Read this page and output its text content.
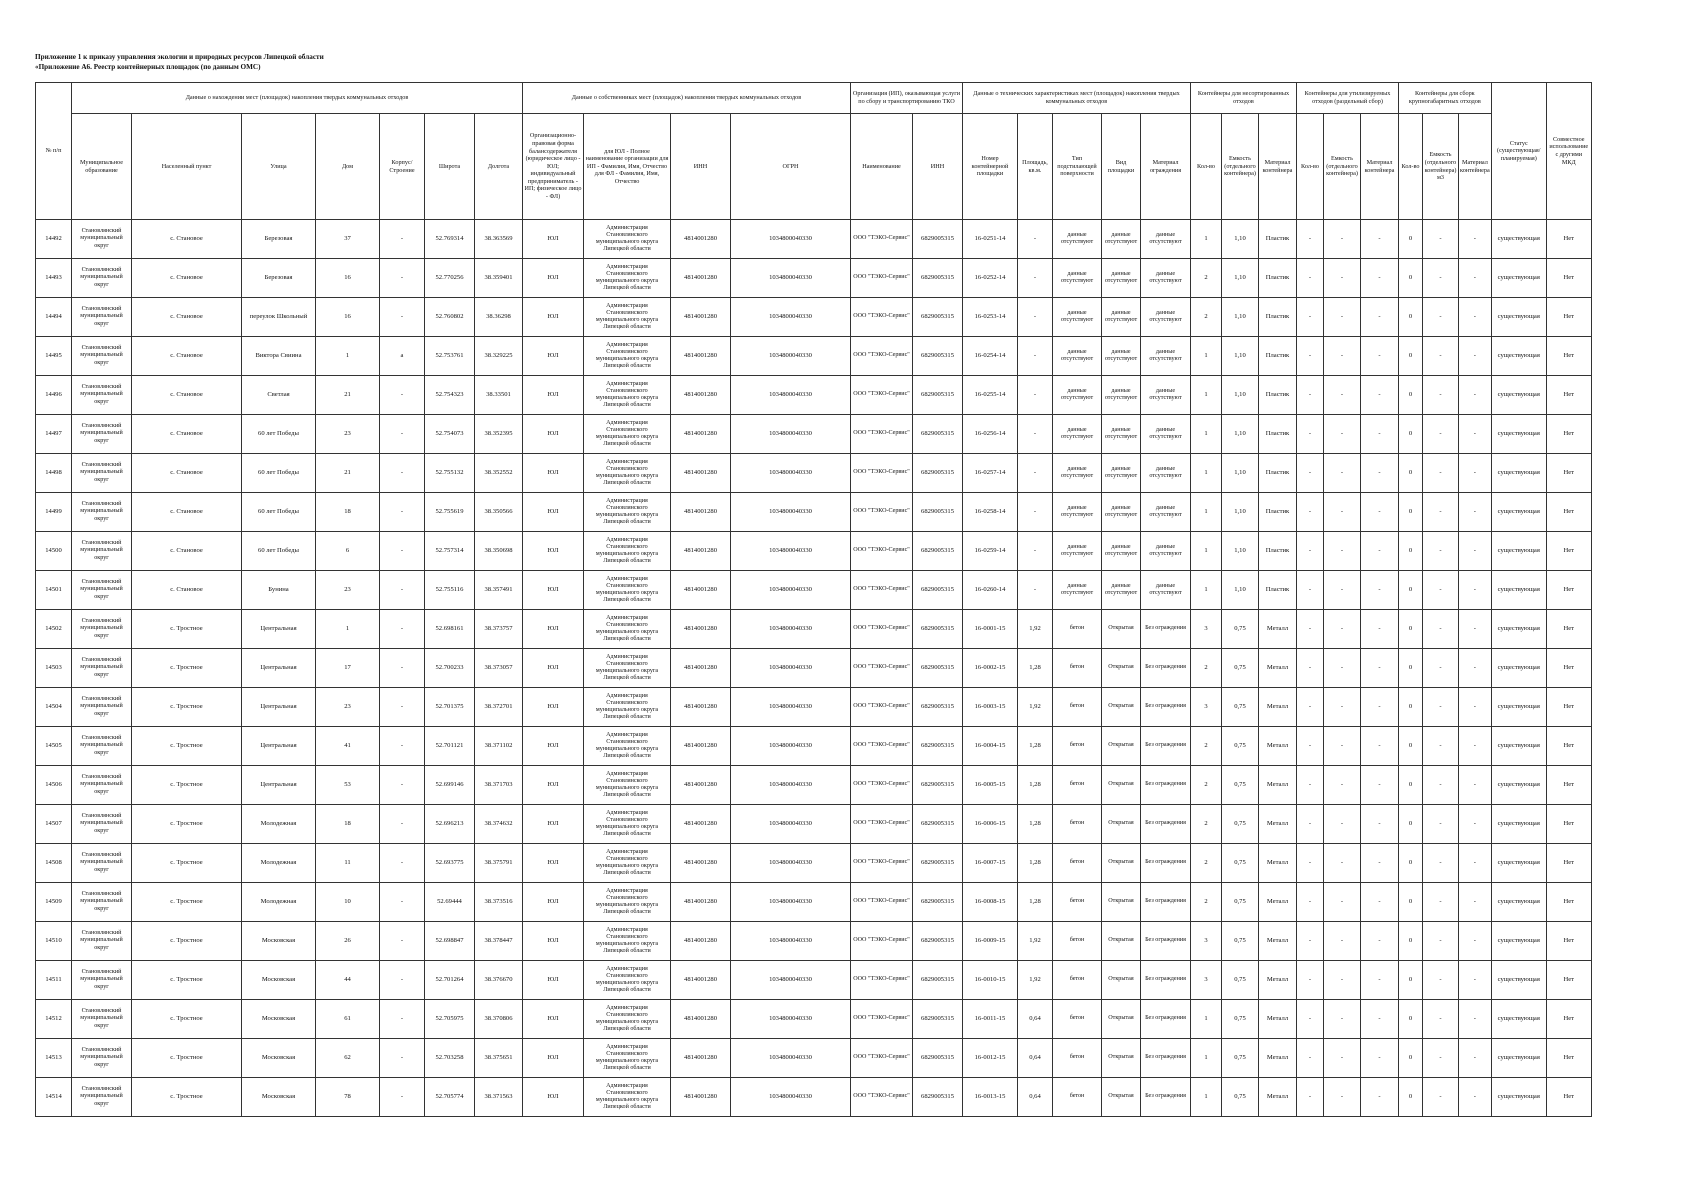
Приложение 1 к приказу управления экологии и природных ресурсов Липецкой области
«Приложение А6. Реестр контейнерных площадок (по данным ОМС)
№ п/п	Данные о нахождении мест (площадок) накопления твердых коммунальных отходов							Данные о собственниках мест (площадок) накопления твердых коммунальных отходов				Организация (ИП), оказывающая услуги по сбору и транспортированию ТКО		Данные о технических характеристиках мест (площадок) накопления твердых коммунальных отходов					Контейнеры для несортированных отходов			Контейнеры для утилизируемых отходов (раздельный сбор)			Контейнеры для сборк крупногабаритных отходов			Статус (существующая/ планируемая)	Совместное использование с другими МКД
	Муниципальное образование	Населенный пункт	Улица	Дом	Корпус/Строение	Широта	Долгота	Организационно-правовая форма балансодержателя (юридическое лицо - ЮЛ; индивидуальный предприниматель - ИП; физическое лицо - ФЛ)	для ЮЛ - Полное наименование организации для ИП - Фамилия, Имя, Отчество для ФЛ - Фамилия, Имя, Отчество	ИНН	ОГРН	Наименование	ИНН	Номер контейнерной площадки	Площадь, кв.м.	Тип подстилающей поверхности	Вид площадки	Материал ограждения	Кол-во	Емкость (отдельного контейнера)	Материал контейнера	Кол-во	Емкость (отдельного контейнера)	Материал контейнера	Кол-во	Емкость (отдельного контейнера) м3	Материал контейнера		
14492	Становлянский муниципальный округ	с. Становое	Березовая	37	-	52.769314	38.363569	ЮЛ	Администрация Становлянского муниципального округа Липецкой области	4814001280	1034800040330	ООО "ТЭКО-Сервис"	6829005315	16-0251-14	-	данные отсутствуют	данные отсутствуют	данные отсутствуют	1	1,10	Пластик	-	-	-	0	-	-	существующая	Нет
14493	Становлянский муниципальный округ	с. Становое	Березовая	16	-	52.770256	38.359401	ЮЛ	Администрация Становлянского муниципального округа Липецкой области	4814001280	1034800040330	ООО "ТЭКО-Сервис"	6829005315	16-0252-14	-	данные отсутствуют	данные отсутствуют	данные отсутствуют	2	1,10	Пластик	-	-	-	0	-	-	существующая	Нет
14494	Становлянский муниципальный округ	с. Становое	переулок Школьный	16	-	52.760802	38.36298	ЮЛ	Администрация Становлянского муниципального округа Липецкой области	4814001280	1034800040330	ООО "ТЭКО-Сервис"	6829005315	16-0253-14	-	данные отсутствуют	данные отсутствуют	данные отсутствуют	2	1,10	Пластик	-	-	-	0	-	-	существующая	Нет
14495	Становлянский муниципальный округ	с. Становое	Виктора Свиина	1	а	52.753761	38.329225	ЮЛ	Администрация Становлянского муниципального округа Липецкой области	4814001280	1034800040330	ООО "ТЭКО-Сервис"	6829005315	16-0254-14	-	данные отсутствуют	данные отсутствуют	данные отсутствуют	1	1,10	Пластик	-	-	-	0	-	-	существующая	Нет
14496	Становлянский муниципальный округ	с. Становое	Светлая	21	-	52.754323	38.33501	ЮЛ	Администрация Становлянского муниципального округа Липецкой области	4814001280	1034800040330	ООО "ТЭКО-Сервис"	6829005315	16-0255-14	-	данные отсутствуют	данные отсутствуют	данные отсутствуют	1	1,10	Пластик	-	-	-	0	-	-	существующая	Нет
14497	Становлянский муниципальный округ	с. Становое	60 лет Победы	23	-	52.754073	38.352395	ЮЛ	Администрация Становлянского муниципального округа Липецкой области	4814001280	1034800040330	ООО "ТЭКО-Сервис"	6829005315	16-0256-14	-	данные отсутствуют	данные отсутствуют	данные отсутствуют	1	1,10	Пластик	-	-	-	0	-	-	существующая	Нет
14498	Становлянский муниципальный округ	с. Становое	60 лет Победы	21	-	52.755132	38.352552	ЮЛ	Администрация Становлянского муниципального округа Липецкой области	4814001280	1034800040330	ООО "ТЭКО-Сервис"	6829005315	16-0257-14	-	данные отсутствуют	данные отсутствуют	данные отсутствуют	1	1,10	Пластик	-	-	-	0	-	-	существующая	Нет
14499	Становлянский муниципальный округ	с. Становое	60 лет Победы	18	-	52.755619	38.350566	ЮЛ	Администрация Становлянского муниципального округа Липецкой области	4814001280	1034800040330	ООО "ТЭКО-Сервис"	6829005315	16-0258-14	-	данные отсутствуют	данные отсутствуют	данные отсутствуют	1	1,10	Пластик	-	-	-	0	-	-	существующая	Нет
14500	Становлянский муниципальный округ	с. Становое	60 лет Победы	6	-	52.757314	38.350698	ЮЛ	Администрация Становлянского муниципального округа Липецкой области	4814001280	1034800040330	ООО "ТЭКО-Сервис"	6829005315	16-0259-14	-	данные отсутствуют	данные отсутствуют	данные отсутствуют	1	1,10	Пластик	-	-	-	0	-	-	существующая	Нет
14501	Становлянский муниципальный округ	с. Становое	Бунина	23	-	52.755116	38.357491	ЮЛ	Администрация Становлянского муниципального округа Липецкой области	4814001280	1034800040330	ООО "ТЭКО-Сервис"	6829005315	16-0260-14	-	данные отсутствуют	данные отсутствуют	данные отсутствуют	1	1,10	Пластик	-	-	-	0	-	-	существующая	Нет
14502	Становлянский муниципальный округ	с. Тростное	Центральная	1	-	52.698161	38.373757	ЮЛ	Администрация Становлянского муниципального округа Липецкой области	4814001280	1034800040330	ООО "ТЭКО-Сервис"	6829005315	16-0001-15	1,92	бетон	Открытая	Без ограждения	3	0,75	Металл	-	-	-	0	-	-	существующая	Нет
14503	Становлянский муниципальный округ	с. Тростное	Центральная	17	-	52.700233	38.373057	ЮЛ	Администрация Становлянского муниципального округа Липецкой области	4814001280	1034800040330	ООО "ТЭКО-Сервис"	6829005315	16-0002-15	1,28	бетон	Открытая	Без ограждения	2	0,75	Металл	-	-	-	0	-	-	существующая	Нет
14504	Становлянский муниципальный округ	с. Тростное	Центральная	23	-	52.701375	38.372701	ЮЛ	Администрация Становлянского муниципального округа Липецкой области	4814001280	1034800040330	ООО "ТЭКО-Сервис"	6829005315	16-0003-15	1,92	бетон	Открытая	Без ограждения	3	0,75	Металл	-	-	-	0	-	-	существующая	Нет
14505	Становлянский муниципальный округ	с. Тростное	Центральная	41	-	52.701121	38.371102	ЮЛ	Администрация Становлянского муниципального округа Липецкой области	4814001280	1034800040330	ООО "ТЭКО-Сервис"	6829005315	16-0004-15	1,28	бетон	Открытая	Без ограждения	2	0,75	Металл	-	-	-	0	-	-	существующая	Нет
14506	Становлянский муниципальный округ	с. Тростное	Центральная	53	-	52.699146	38.371703	ЮЛ	Администрация Становлянского муниципального округа Липецкой области	4814001280	1034800040330	ООО "ТЭКО-Сервис"	6829005315	16-0005-15	1,28	бетон	Открытая	Без ограждения	2	0,75	Металл	-	-	-	0	-	-	существующая	Нет
14507	Становлянский муниципальный округ	с. Тростное	Молодежная	18	-	52.696213	38.374632	ЮЛ	Администрация Становлянского муниципального округа Липецкой области	4814001280	1034800040330	ООО "ТЭКО-Сервис"	6829005315	16-0006-15	1,28	бетон	Открытая	Без ограждения	2	0,75	Металл	-	-	-	0	-	-	существующая	Нет
14508	Становлянский муниципальный округ	с. Тростное	Молодежная	11	-	52.693775	38.375791	ЮЛ	Администрация Становлянского муниципального округа Липецкой области	4814001280	1034800040330	ООО "ТЭКО-Сервис"	6829005315	16-0007-15	1,28	бетон	Открытая	Без ограждения	2	0,75	Металл	-	-	-	0	-	-	существующая	Нет
14509	Становлянский муниципальный округ	с. Тростное	Молодежная	10	-	52.69444	38.373516	ЮЛ	Администрация Становлянского муниципального округа Липецкой области	4814001280	1034800040330	ООО "ТЭКО-Сервис"	6829005315	16-0008-15	1,28	бетон	Открытая	Без ограждения	2	0,75	Металл	-	-	-	0	-	-	существующая	Нет
14510	Становлянский муниципальный округ	с. Тростное	Московская	26	-	52.698847	38.378447	ЮЛ	Администрация Становлянского муниципального округа Липецкой области	4814001280	1034800040330	ООО "ТЭКО-Сервис"	6829005315	16-0009-15	1,92	бетон	Открытая	Без ограждения	3	0,75	Металл	-	-	-	0	-	-	существующая	Нет
14511	Становлянский муниципальный округ	с. Тростное	Московская	44	-	52.701264	38.376670	ЮЛ	Администрация Становлянского муниципального округа Липецкой области	4814001280	1034800040330	ООО "ТЭКО-Сервис"	6829005315	16-0010-15	1,92	бетон	Открытая	Без ограждения	3	0,75	Металл	-	-	-	0	-	-	существующая	Нет
14512	Становлянский муниципальный округ	с. Тростное	Московская	61	-	52.705975	38.370806	ЮЛ	Администрация Становлянского муниципального округа Липецкой области	4814001280	1034800040330	ООО "ТЭКО-Сервис"	6829005315	16-0011-15	0,64	бетон	Открытая	Без ограждения	1	0,75	Металл	-	-	-	0	-	-	существующая	Нет
14513	Становлянский муниципальный округ	с. Тростное	Московская	62	-	52.703258	38.375651	ЮЛ	Администрация Становлянского муниципального округа Липецкой области	4814001280	1034800040330	ООО "ТЭКО-Сервис"	6829005315	16-0012-15	0,64	бетон	Открытая	Без ограждения	1	0,75	Металл	-	-	-	0	-	-	существующая	Нет
14514	Становлянский муниципальный округ	с. Тростное	Московская	78	-	52.705774	38.371563	ЮЛ	Администрация Становлянского муниципального округа Липецкой области	4814001280	1034800040330	ООО "ТЭКО-Сервис"	6829005315	16-0013-15	0,64	бетон	Открытая	Без ограждения	1	0,75	Металл	-	-	-	0	-	-	существующая	Нет
